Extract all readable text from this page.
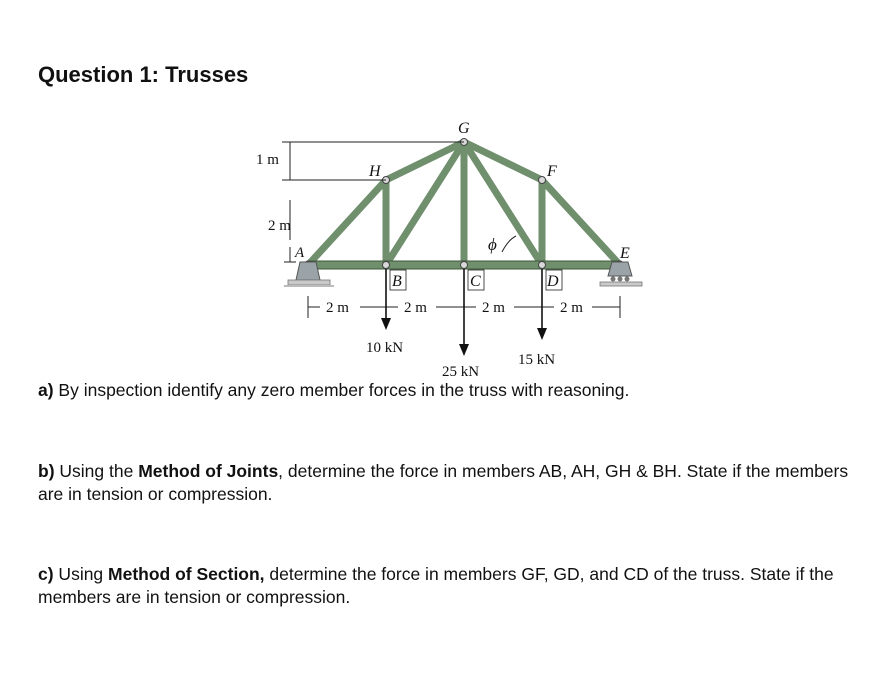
Question 1: Trusses
1 m
2 m
G
H	F
A	E
B	C	D
ϕ
2 m	2 m	2 m	2 m
10 kN
25 kN
15 kN

a) By inspection identify any zero member forces in the truss with reasoning.

b) Using the Method of Joints, determine the force in members AB, AH, GH & BH. State if the members are in tension or compression.

c) Using Method of Section, determine the force in members GF, GD, and CD of the truss. State if the members are in tension or compression.
